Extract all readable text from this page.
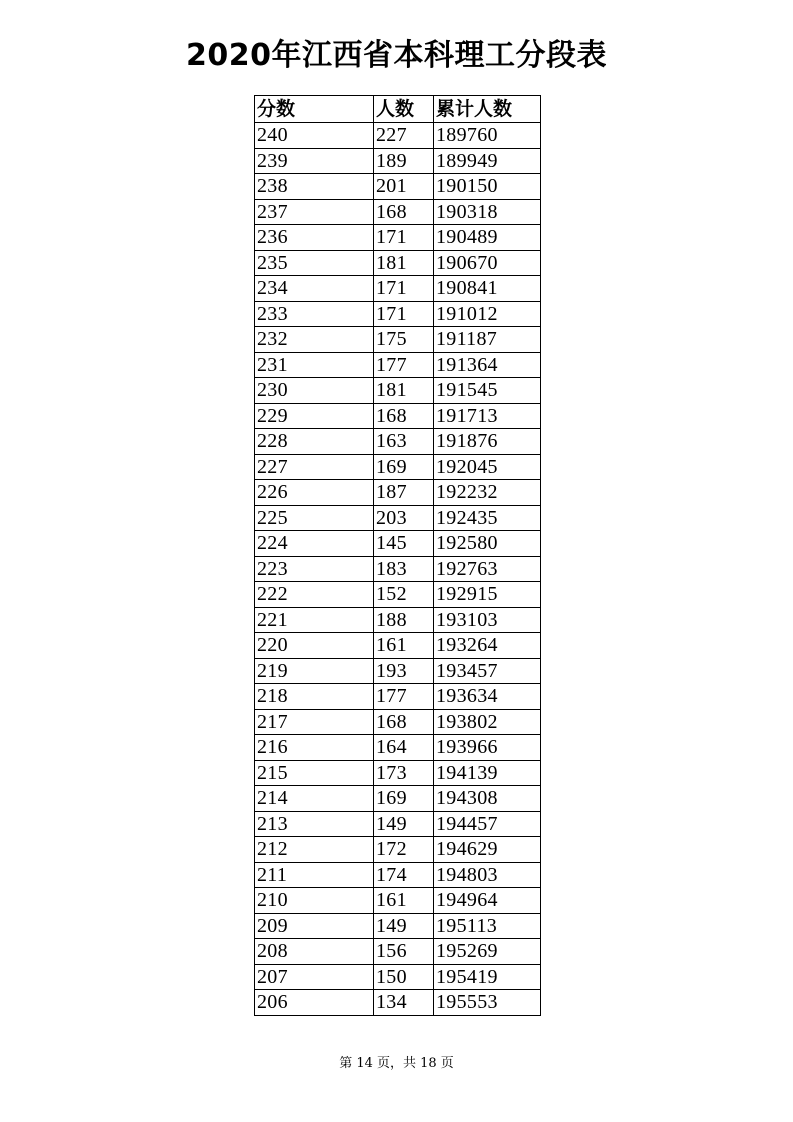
2020年江西省本科理工分段表
分数	人数	累计人数
240	227	189760
239	189	189949
238	201	190150
237	168	190318
236	171	190489
235	181	190670
234	171	190841
233	171	191012
232	175	191187
231	177	191364
230	181	191545
229	168	191713
228	163	191876
227	169	192045
226	187	192232
225	203	192435
224	145	192580
223	183	192763
222	152	192915
221	188	193103
220	161	193264
219	193	193457
218	177	193634
217	168	193802
216	164	193966
215	173	194139
214	169	194308
213	149	194457
212	172	194629
211	174	194803
210	161	194964
209	149	195113
208	156	195269
207	150	195419
206	134	195553
第 14 页，共 18 页
